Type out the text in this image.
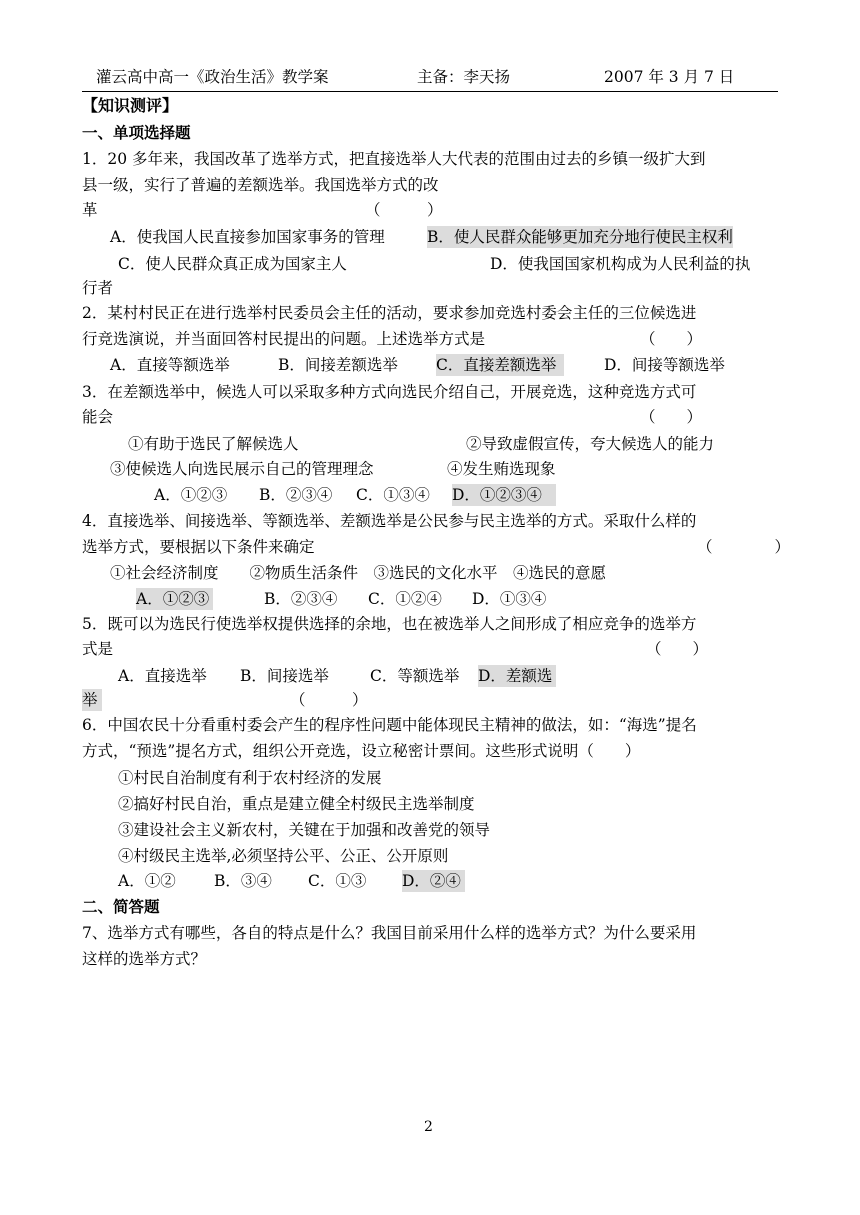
灌云高中高一《政治生活》教学案	主备：李天扬	2007 年 3 月 7 日
【知识测评】
一、单项选择题
1．20 多年来，我国改革了选举方式，把直接选举人大代表的范围由过去的乡镇一级扩大到
县一级，实行了普遍的差额选举。我国选举方式的改
革	（　　　）
A．使我国人民直接参加国家事务的管理	B．使人民群众能够更加充分地行使民主权利
C．使人民群众真正成为国家主人	D．使我国国家机构成为人民利益的执
行者
2．某村村民正在进行选举村民委员会主任的活动，要求参加竞选村委会主任的三位候选进
行竞选演说，并当面回答村民提出的问题。上述选举方式是	（　　）
A．直接等额选举	B．间接差额选举 C．直接差额选举	D．间接等额选举
3．在差额选举中，候选人可以采取多种方式向选民介绍自己，开展竞选，这种竞选方式可
能会	（　　）
①有助于选民了解候选人	②导致虚假宣传，夸大候选人的能力
③使候选人向选民展示自己的管理理念	④发生贿选现象
A．①②③ B．②③④ C．①③④ D．①②③④
4．直接选举、间接选举、等额选举、差额选举是公民参与民主选举的方式。采取什么样的
选举方式，要根据以下条件来确定	（　　　　）
①社会经济制度　　②物质生活条件　③选民的文化水平　④选民的意愿
A．①②③	B．②③④ C．①②④ D．①③④
5．既可以为选民行使选举权提供选择的余地，也在被选举人之间形成了相应竞争的选举方
式是	（　　）
A．直接选举 B．间接选举	C．等额选举 D．差额选
举	（　　　）
6．中国农民十分看重村委会产生的程序性问题中能体现民主精神的做法，如：“海选”提名
方式，“预选”提名方式，组织公开竞选，设立秘密计票间。这些形式说明（　　）
①村民自治制度有利于农村经济的发展
②搞好村民自治，重点是建立健全村级民主选举制度
③建设社会主义新农村，关键在于加强和改善党的领导
④村级民主选举,必须坚持公平、公正、公开原则
A．①② B．③④ C．①③ D．②④
二、简答题
7、选举方式有哪些，各自的特点是什么？我国目前采用什么样的选举方式？为什么要采用
这样的选举方式？
2
